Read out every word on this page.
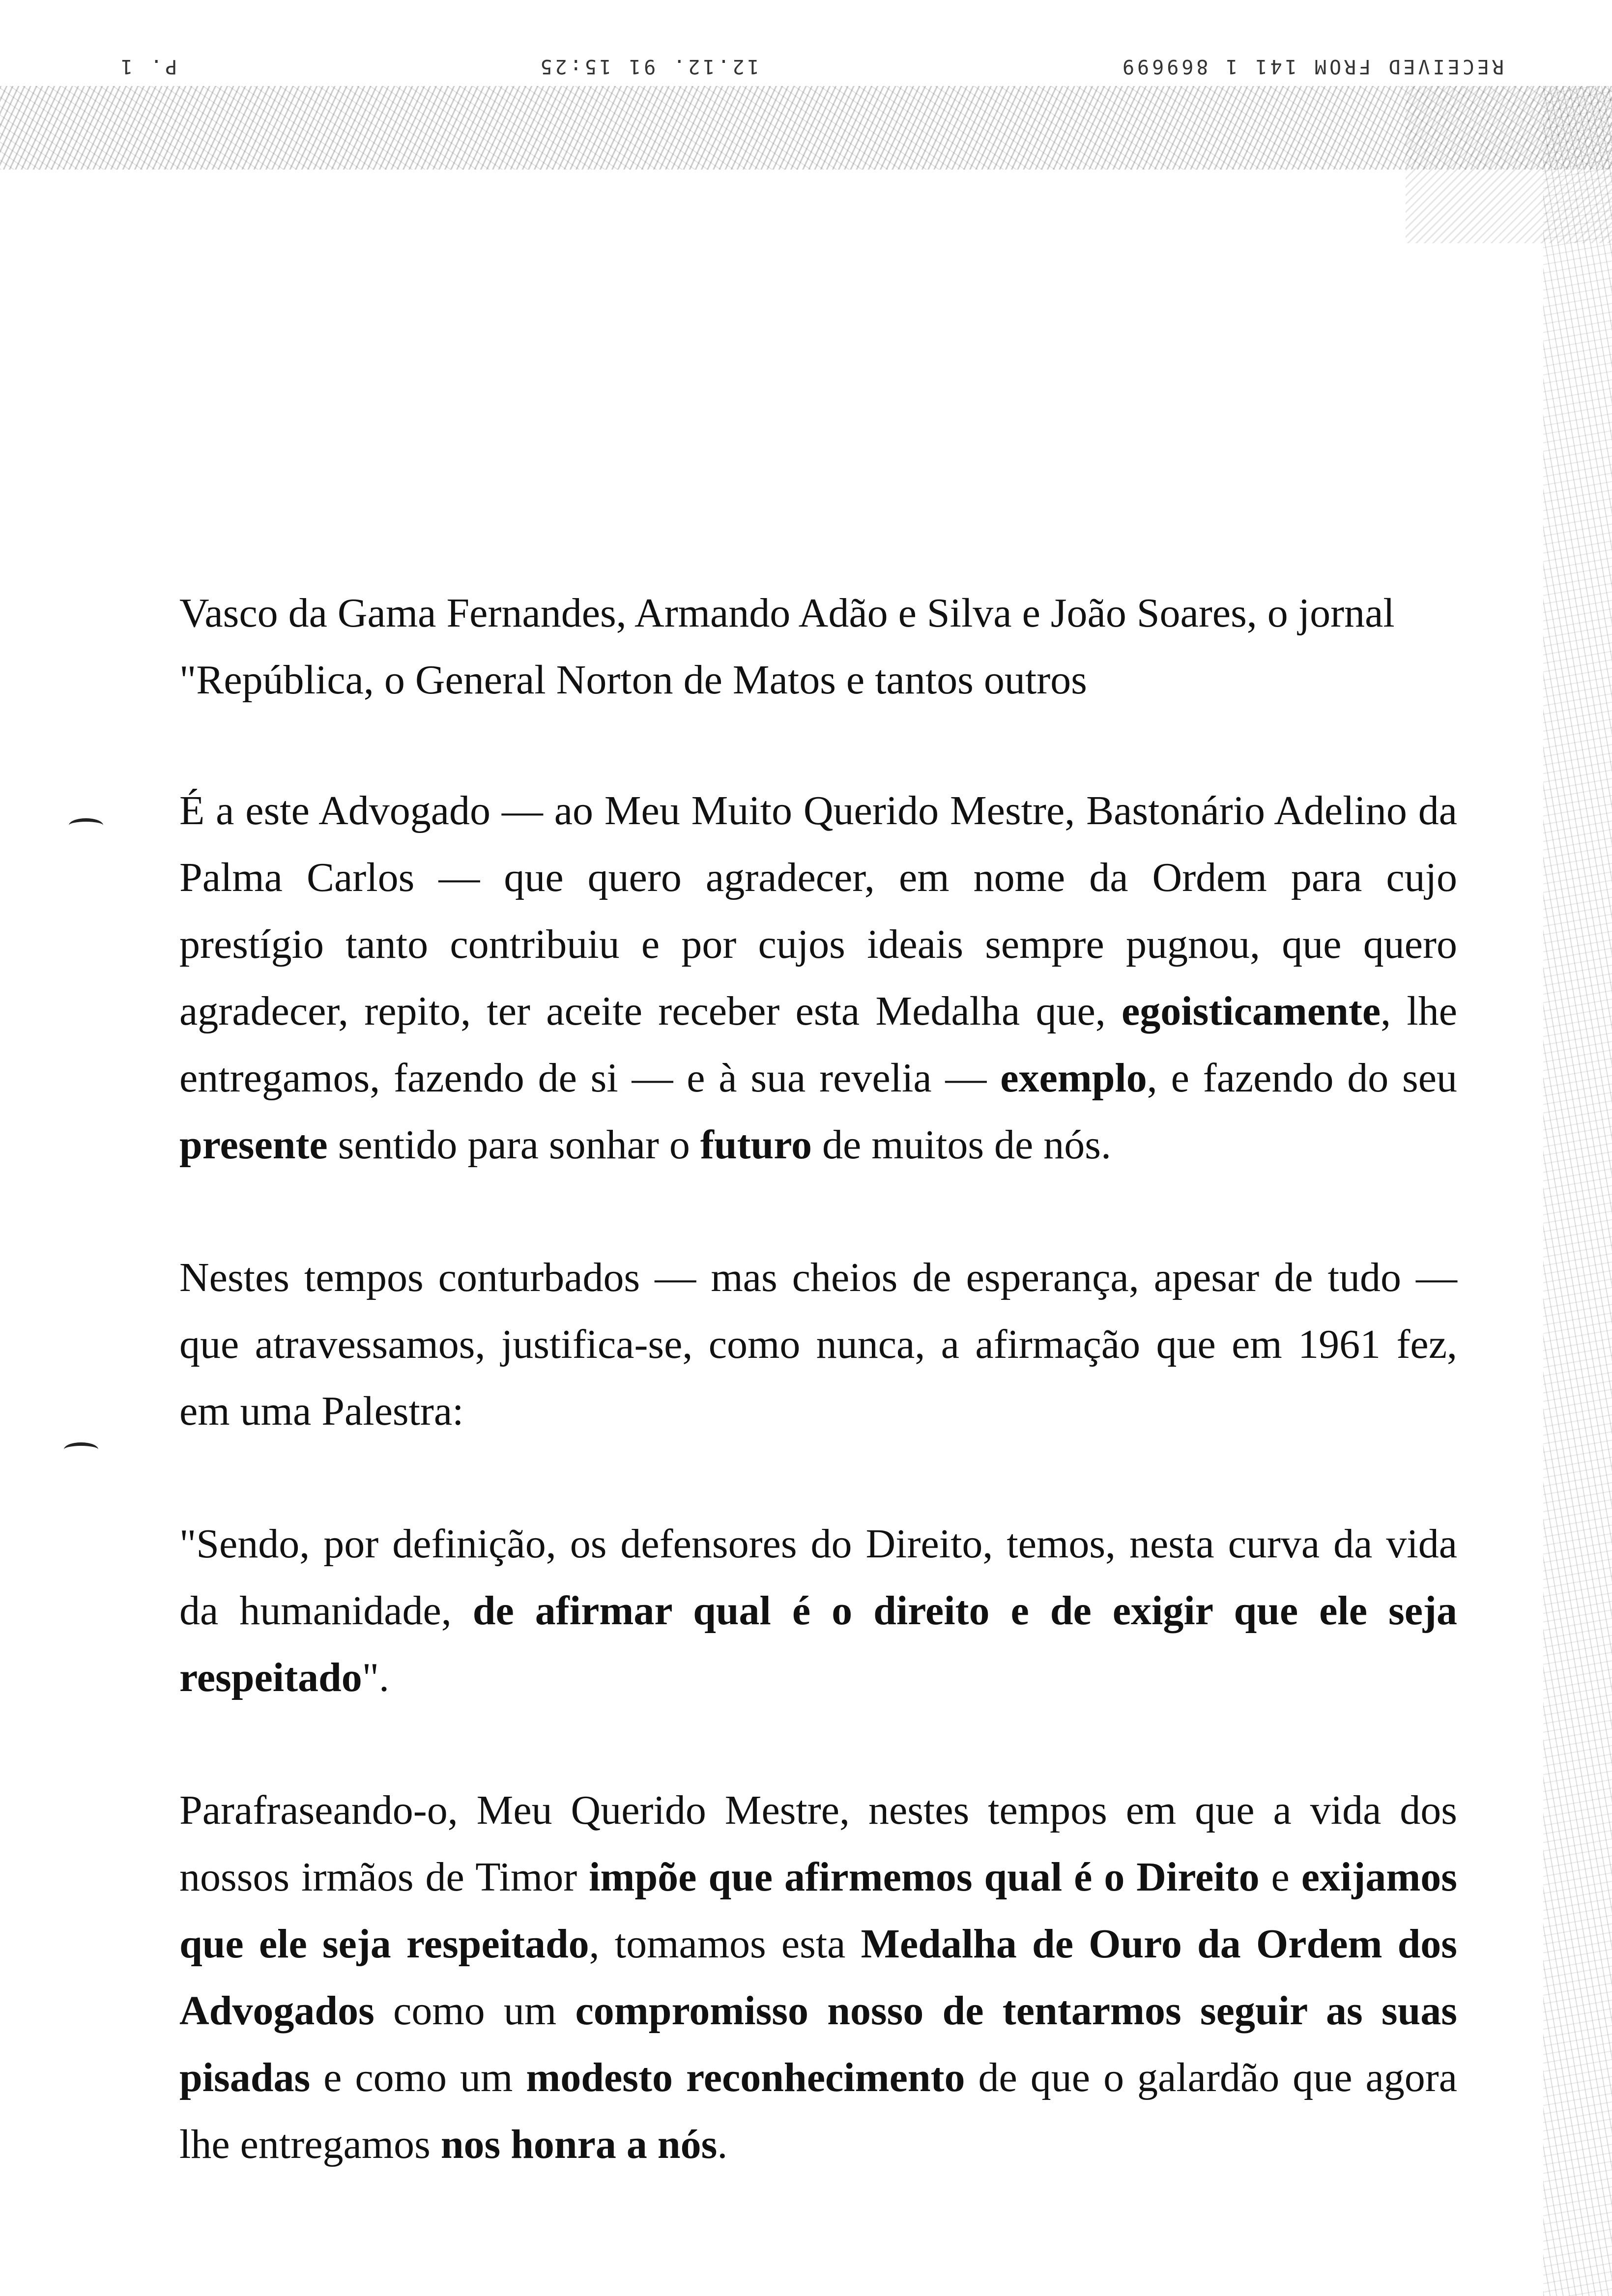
RECEIVED FROM 141 1 869699
12.12. 91 15:25
P. 1

Vasco da Gama Fernandes, Armando Adão e Silva e João Soares, o jornal "República, o General Norton de Matos e tantos outros

É a este Advogado — ao Meu Muito Querido Mestre, Bastonário Adelino da Palma Carlos — que quero agradecer, em nome da Ordem para cujo prestígio tanto contribuiu e por cujos ideais sempre pugnou, que quero agradecer, repito, ter aceite receber esta Medalha que, egoisticamente, lhe entregamos, fazendo de si — e à sua revelia — exemplo, e fazendo do seu presente sentido para sonhar o futuro de muitos de nós.

Nestes tempos conturbados — mas cheios de esperança, apesar de tudo — que atravessamos, justifica-se, como nunca, a afirmação que em 1961 fez, em uma Palestra:

"Sendo, por definição, os defensores do Direito, temos, nesta curva da vida da humanidade, de afirmar qual é o direito e de exigir que ele seja respeitado".

Parafraseando-o, Meu Querido Mestre, nestes tempos em que a vida dos nossos irmãos de Timor impõe que afirmemos qual é o Direito e exijamos que ele seja respeitado, tomamos esta Medalha de Ouro da Ordem dos Advogados como um compromisso nosso de tentarmos seguir as suas pisadas e como um modesto reconhecimento de que o galardão que agora lhe entregamos nos honra a nós.
